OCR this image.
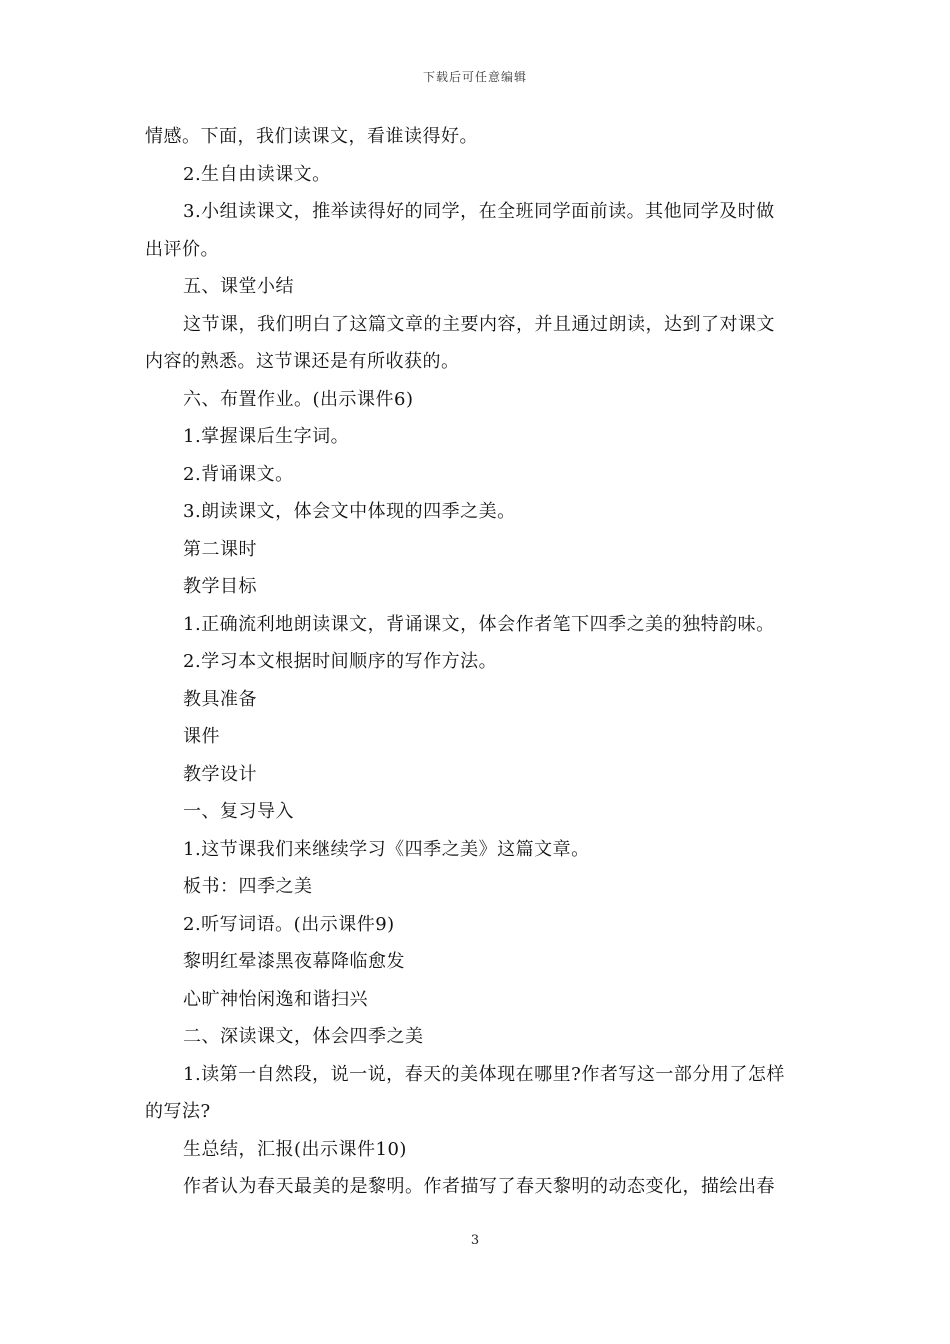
下载后可任意编辑
情感。下面，我们读课文，看谁读得好。
2.生自由读课文。
3.小组读课文，推举读得好的同学，在全班同学面前读。其他同学及时做
出评价。
五、课堂小结
这节课，我们明白了这篇文章的主要内容，并且通过朗读，达到了对课文
内容的熟悉。这节课还是有所收获的。
六、布置作业。(出示课件6)
1.掌握课后生字词。
2.背诵课文。
3.朗读课文，体会文中体现的四季之美。
第二课时
教学目标
1.正确流利地朗读课文，背诵课文，体会作者笔下四季之美的独特韵味。
2.学习本文根据时间顺序的写作方法。
教具准备
课件
教学设计
一、复习导入
1.这节课我们来继续学习《四季之美》这篇文章。
板书：四季之美
2.听写词语。(出示课件9)
黎明红晕漆黑夜幕降临愈发
心旷神怡闲逸和谐扫兴
二、深读课文，体会四季之美
1.读第一自然段，说一说，春天的美体现在哪里?作者写这一部分用了怎样
的写法?
生总结，汇报(出示课件10)
作者认为春天最美的是黎明。作者描写了春天黎明的动态变化，描绘出春
3
